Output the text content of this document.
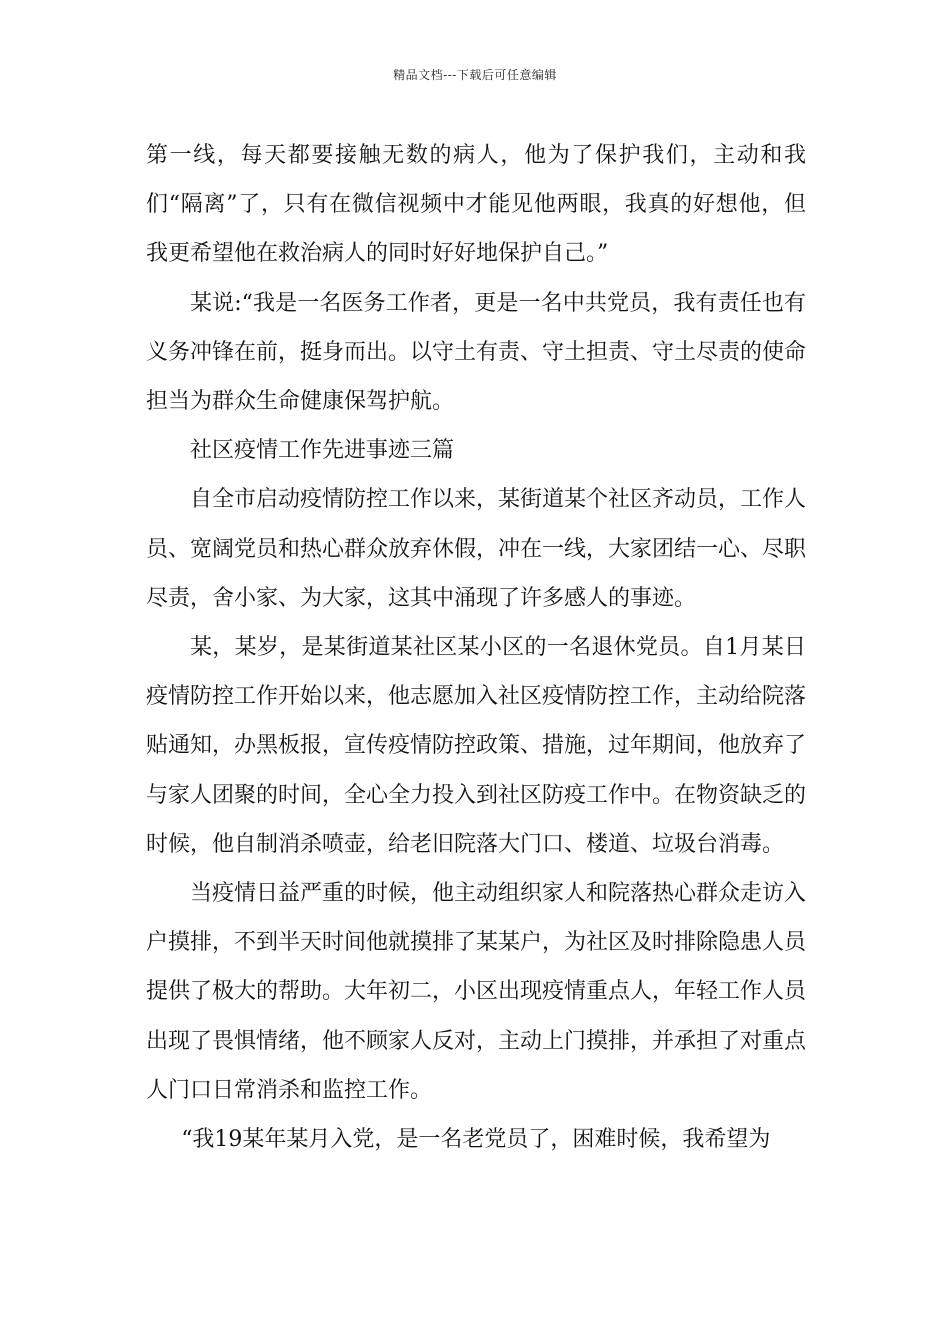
精品文档---下载后可任意编辑

第一线，每天都要接触无数的病人，他为了保护我们，主动和我们“隔离”了，只有在微信视频中才能见他两眼，我真的好想他，但我更希望他在救治病人的同时好好地保护自己。”

某说:“我是一名医务工作者，更是一名中共党员，我有责任也有义务冲锋在前，挺身而出。以守土有责、守土担责、守土尽责的使命担当为群众生命健康保驾护航。

社区疫情工作先进事迹三篇

自全市启动疫情防控工作以来，某街道某个社区齐动员，工作人员、宽阔党员和热心群众放弃休假，冲在一线，大家团结一心、尽职尽责，舍小家、为大家，这其中涌现了许多感人的事迹。

某，某岁，是某街道某社区某小区的一名退休党员。自1月某日疫情防控工作开始以来，他志愿加入社区疫情防控工作，主动给院落贴通知，办黑板报，宣传疫情防控政策、措施，过年期间，他放弃了与家人团聚的时间，全心全力投入到社区防疫工作中。在物资缺乏的时候，他自制消杀喷壶，给老旧院落大门口、楼道、垃圾台消毒。

当疫情日益严重的时候，他主动组织家人和院落热心群众走访入户摸排，不到半天时间他就摸排了某某户，为社区及时排除隐患人员提供了极大的帮助。大年初二，小区出现疫情重点人，年轻工作人员出现了畏惧情绪，他不顾家人反对，主动上门摸排，并承担了对重点人门口日常消杀和监控工作。

“我19某年某月入党，是一名老党员了，困难时候，我希望为
